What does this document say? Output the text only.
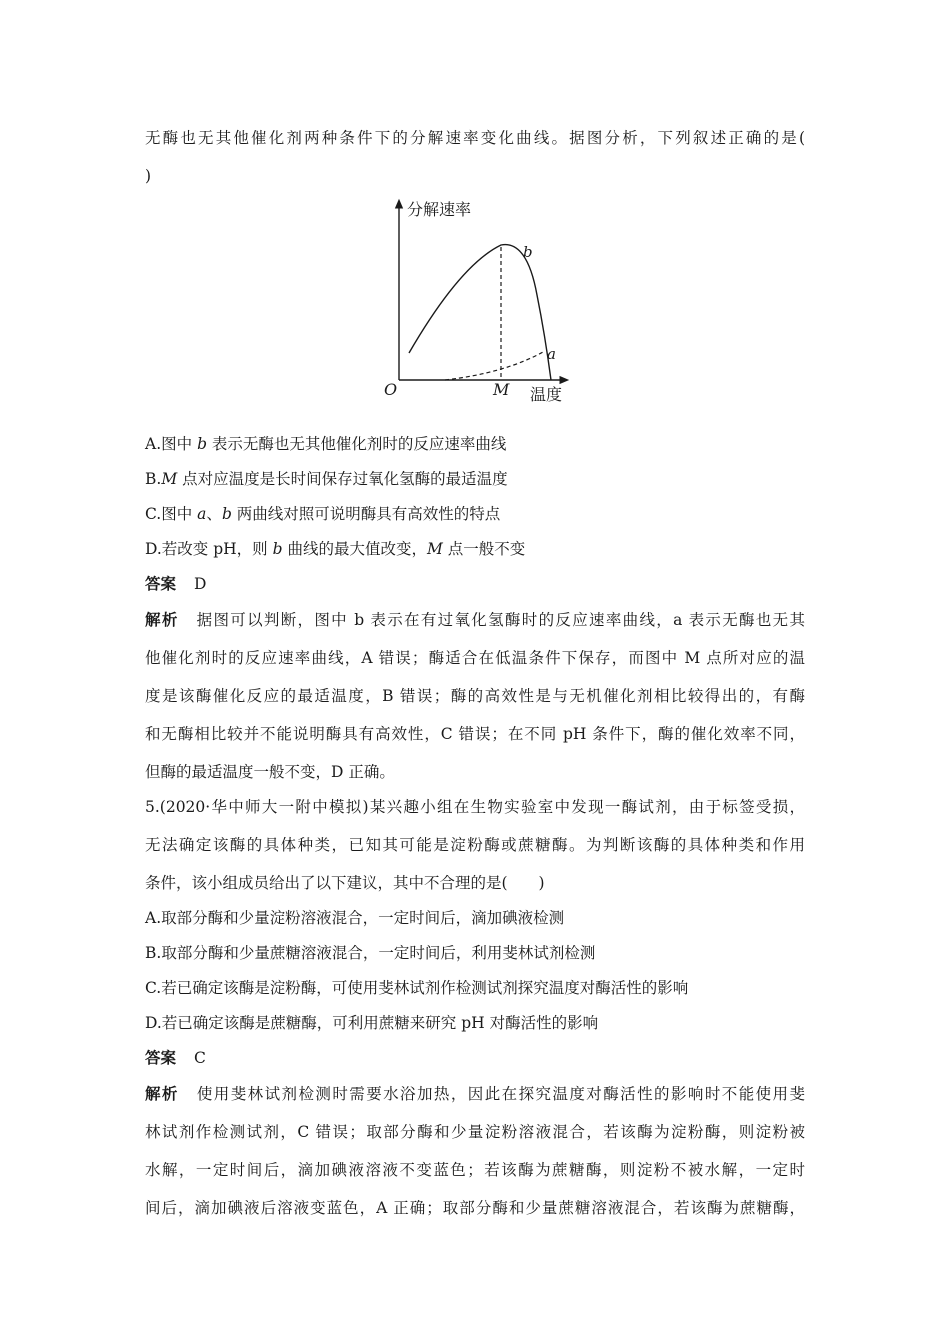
无酶也无其他催化剂两种条件下的分解速率变化曲线。据图分析，下列叙述正确的是(
)
分解速率
温度
O	M
b
a
A.图中 b 表示无酶也无其他催化剂时的反应速率曲线
B.M 点对应温度是长时间保存过氧化氢酶的最适温度
C.图中 a、b 两曲线对照可说明酶具有高效性的特点
D.若改变 pH，则 b 曲线的最大值改变，M 点一般不变
答案 D
解析 据图可以判断，图中 b 表示在有过氧化氢酶时的反应速率曲线，a 表示无酶也无其
他催化剂时的反应速率曲线，A 错误；酶适合在低温条件下保存，而图中 M 点所对应的温
度是该酶催化反应的最适温度，B 错误；酶的高效性是与无机催化剂相比较得出的，有酶
和无酶相比较并不能说明酶具有高效性，C 错误；在不同 pH 条件下，酶的催化效率不同，
但酶的最适温度一般不变，D 正确。
5.(2020·华中师大一附中模拟)某兴趣小组在生物实验室中发现一酶试剂，由于标签受损，
无法确定该酶的具体种类，已知其可能是淀粉酶或蔗糖酶。为判断该酶的具体种类和作用
条件，该小组成员给出了以下建议，其中不合理的是(　　)
A.取部分酶和少量淀粉溶液混合，一定时间后，滴加碘液检测
B.取部分酶和少量蔗糖溶液混合，一定时间后，利用斐林试剂检测
C.若已确定该酶是淀粉酶，可使用斐林试剂作检测试剂探究温度对酶活性的影响
D.若已确定该酶是蔗糖酶，可利用蔗糖来研究 pH 对酶活性的影响
答案 C
解析 使用斐林试剂检测时需要水浴加热，因此在探究温度对酶活性的影响时不能使用斐
林试剂作检测试剂，C 错误；取部分酶和少量淀粉溶液混合，若该酶为淀粉酶，则淀粉被
水解，一定时间后，滴加碘液溶液不变蓝色；若该酶为蔗糖酶，则淀粉不被水解，一定时
间后，滴加碘液后溶液变蓝色，A 正确；取部分酶和少量蔗糖溶液混合，若该酶为蔗糖酶，
